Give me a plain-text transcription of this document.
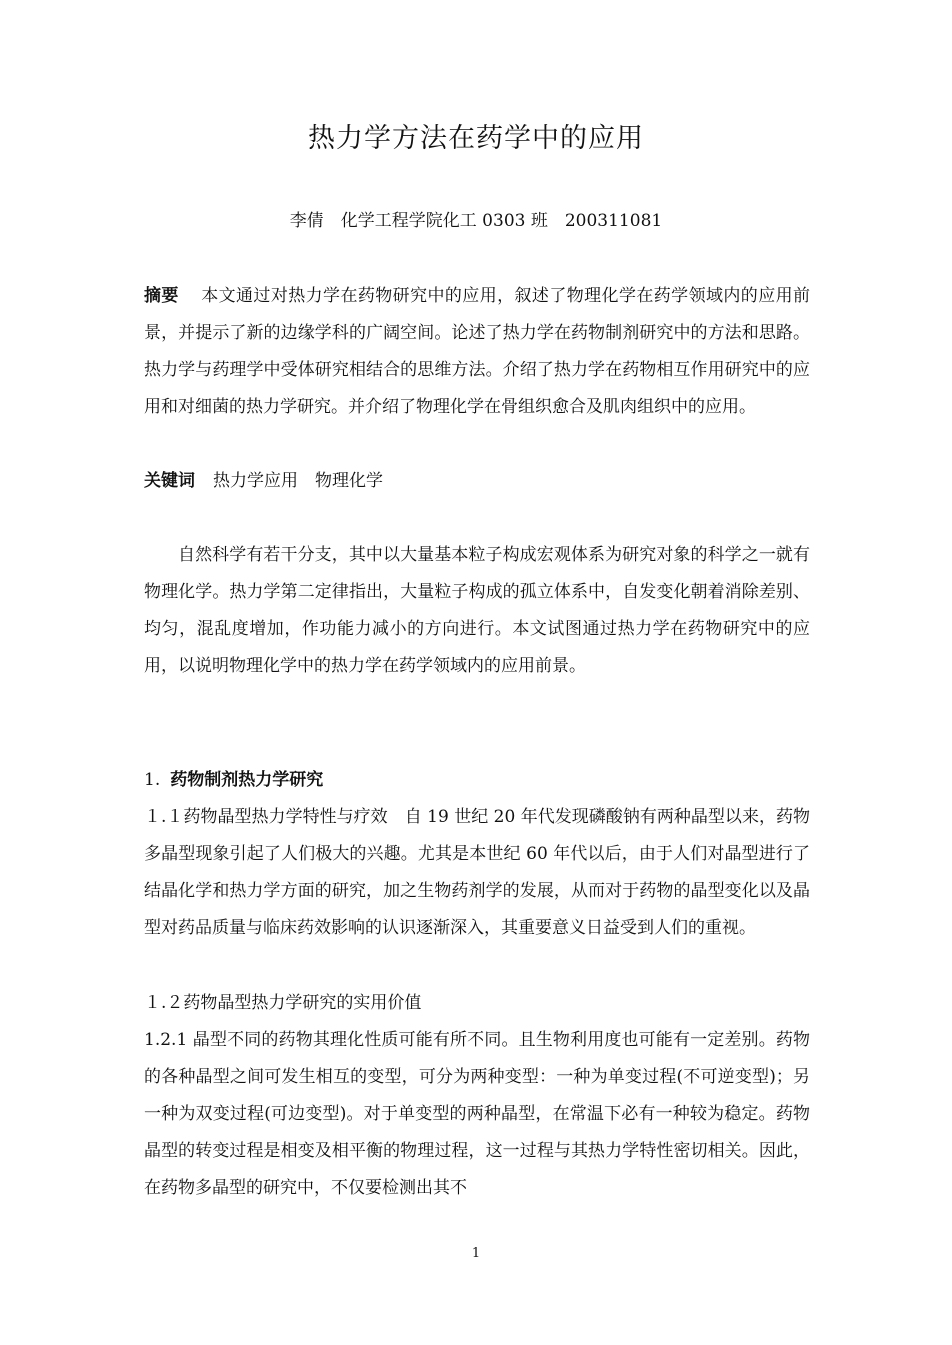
热力学方法在药学中的应用
李倩　化学工程学院化工 0303 班　200311081
摘要 本文通过对热力学在药物研究中的应用，叙述了物理化学在药学领域内的应用前景，并提示了新的边缘学科的广阔空间。论述了热力学在药物制剂研究中的方法和思路。热力学与药理学中受体研究相结合的思维方法。介绍了热力学在药物相互作用研究中的应用和对细菌的热力学研究。并介绍了物理化学在骨组织愈合及肌肉组织中的应用。
关键词 热力学应用　物理化学
自然科学有若干分支，其中以大量基本粒子构成宏观体系为研究对象的科学之一就有物理化学。热力学第二定律指出，大量粒子构成的孤立体系中，自发变化朝着消除差别、均匀，混乱度增加，作功能力减小的方向进行。本文试图通过热力学在药物研究中的应用，以说明物理化学中的热力学在药学领域内的应用前景。
1. 药物制剂热力学研究
１.１药物晶型热力学特性与疗效　自 19 世纪 20 年代发现磷酸钠有两种晶型以来，药物多晶型现象引起了人们极大的兴趣。尤其是本世纪 60 年代以后，由于人们对晶型进行了结晶化学和热力学方面的研究，加之生物药剂学的发展，从而对于药物的晶型变化以及晶型对药品质量与临床药效影响的认识逐渐深入，其重要意义日益受到人们的重视。
１.２药物晶型热力学研究的实用价值
1.2.1 晶型不同的药物其理化性质可能有所不同。且生物利用度也可能有一定差别。药物的各种晶型之间可发生相互的变型，可分为两种变型：一种为单变过程(不可逆变型)；另一种为双变过程(可边变型)。对于单变型的两种晶型，在常温下必有一种较为稳定。药物晶型的转变过程是相变及相平衡的物理过程，这一过程与其热力学特性密切相关。因此，在药物多晶型的研究中，不仅要检测出其不
1
